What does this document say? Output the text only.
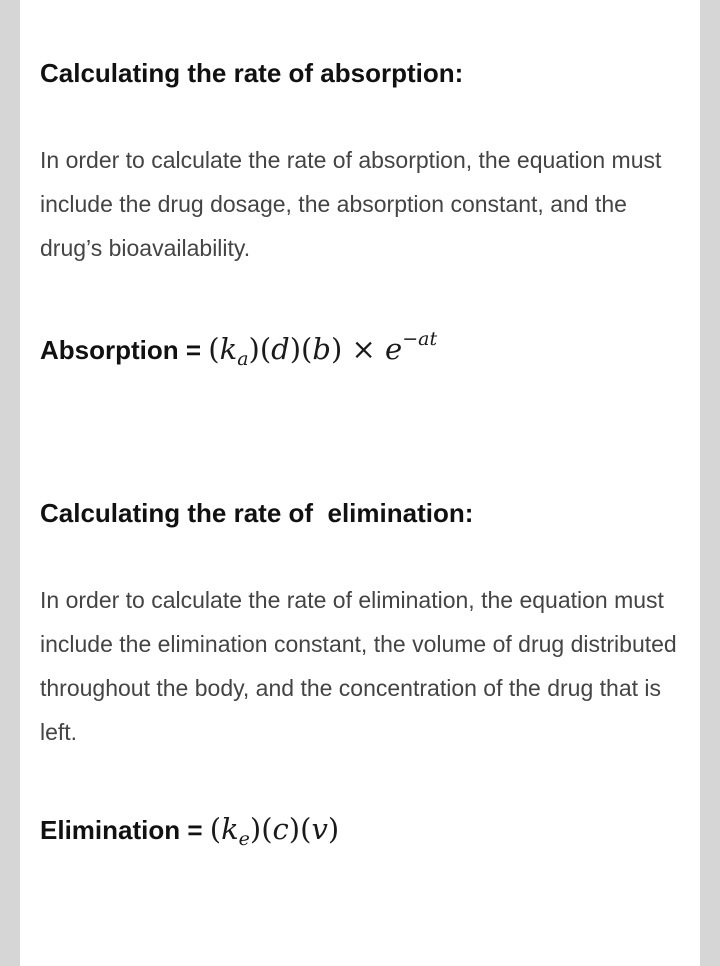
Calculating the rate of absorption:

In order to calculate the rate of absorption, the equation must include the drug dosage, the absorption constant, and the drug’s bioavailability.

Absorption = $(k_a)(d)(b) \times e^{-at}$
Calculating the rate of  elimination:

In order to calculate the rate of elimination, the equation must include the elimination constant, the volume of drug distributed throughout the body, and the concentration of the drug that is left.

Elimination = $(k_e)(c)(v)$
